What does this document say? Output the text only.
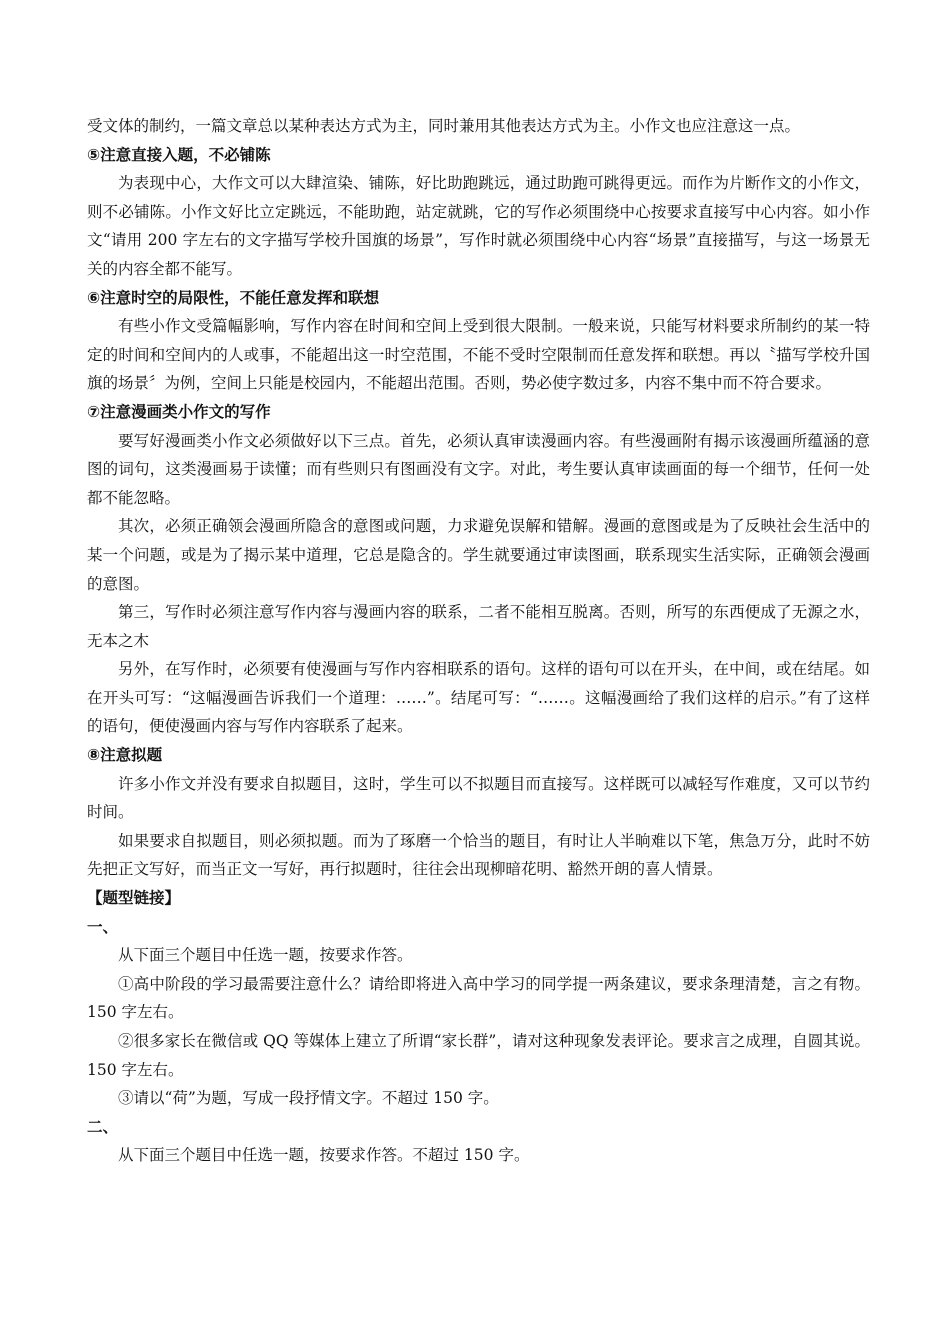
受文体的制约，一篇文章总以某种表达方式为主，同时兼用其他表达方式为主。小作文也应注意这一点。

⑤注意直接入题，不必铺陈

为表现中心，大作文可以大肆渲染、铺陈，好比助跑跳远，通过助跑可跳得更远。而作为片断作文的小作文，则不必铺陈。小作文好比立定跳远，不能助跑，站定就跳，它的写作必须围绕中心按要求直接写中心内容。如小作文“请用 200 字左右的文字描写学校升国旗的场景”，写作时就必须围绕中心内容“场景”直接描写，与这一场景无关的内容全都不能写。

⑥注意时空的局限性，不能任意发挥和联想

有些小作文受篇幅影响，写作内容在时间和空间上受到很大限制。一般来说，只能写材料要求所制约的某一特定的时间和空间内的人或事，不能超出这一时空范围，不能不受时空限制而任意发挥和联想。再以〝描写学校升国旗的场景〞为例，空间上只能是校园内，不能超出范围。否则，势必使字数过多，内容不集中而不符合要求。

⑦注意漫画类小作文的写作

要写好漫画类小作文必须做好以下三点。首先，必须认真审读漫画内容。有些漫画附有揭示该漫画所蕴涵的意图的词句，这类漫画易于读懂；而有些则只有图画没有文字。对此，考生要认真审读画面的每一个细节，任何一处都不能忽略。

其次，必须正确领会漫画所隐含的意图或问题，力求避免误解和错解。漫画的意图或是为了反映社会生活中的某一个问题，或是为了揭示某中道理，它总是隐含的。学生就要通过审读图画，联系现实生活实际，正确领会漫画的意图。

第三，写作时必须注意写作内容与漫画内容的联系，二者不能相互脱离。否则，所写的东西便成了无源之水，无本之木

另外，在写作时，必须要有使漫画与写作内容相联系的语句。这样的语句可以在开头，在中间，或在结尾。如在开头可写：“这幅漫画告诉我们一个道理：……”。结尾可写：“……。这幅漫画给了我们这样的启示。”有了这样的语句，便使漫画内容与写作内容联系了起来。

⑧注意拟题

许多小作文并没有要求自拟题目，这时，学生可以不拟题目而直接写。这样既可以减轻写作难度，又可以节约时间。

如果要求自拟题目，则必须拟题。而为了琢磨一个恰当的题目，有时让人半晌难以下笔，焦急万分，此时不妨先把正文写好，而当正文一写好，再行拟题时，往往会出现柳暗花明、豁然开朗的喜人情景。

【题型链接】

一、

从下面三个题目中任选一题，按要求作答。

①高中阶段的学习最需要注意什么？请给即将进入高中学习的同学提一两条建议，要求条理清楚，言之有物。150 字左右。

②很多家长在微信或 QQ 等媒体上建立了所谓“家长群”，请对这种现象发表评论。要求言之成理，自圆其说。150 字左右。

③请以“荷”为题，写成一段抒情文字。不超过 150 字。

二、

从下面三个题目中任选一题，按要求作答。不超过 150 字。
